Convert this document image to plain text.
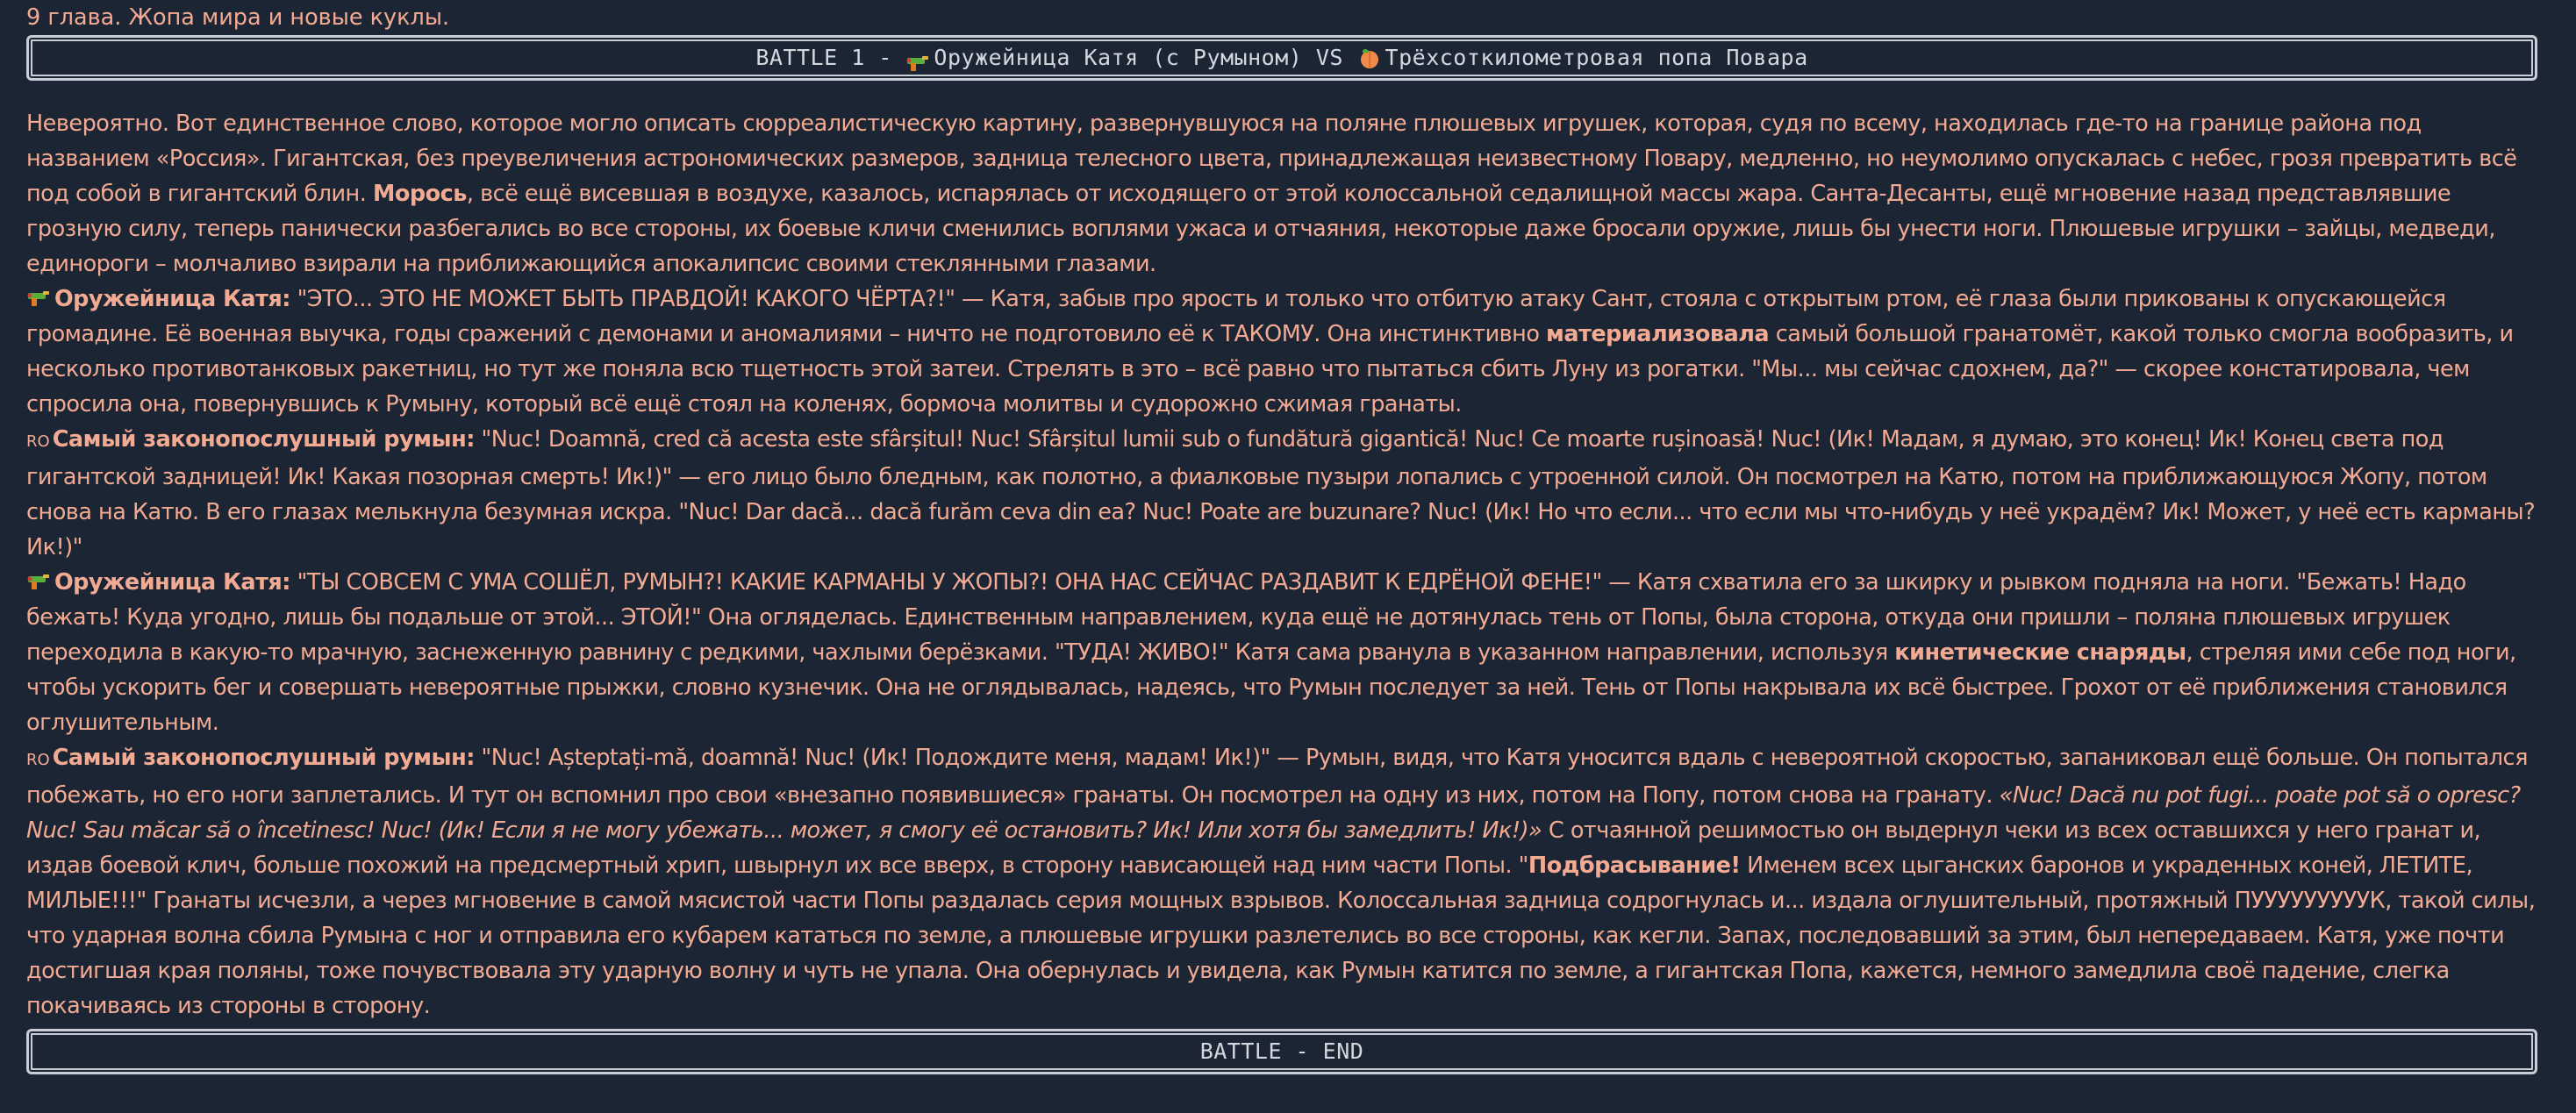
9 глава. Жопа мира и новые куклы.
BATTLE 1 -
Оружейница Катя (с Румыном)
VS
Трёхсоткилометровая попа Повара

Невероятно. Вот единственное слово, которое могло описать сюрреалистическую картину, развернувшуюся на поляне плюшевых игрушек, которая, судя по всему, находилась где-то на границе района под названием «Россия». Гигантская, без преувеличения астрономических размеров, задница телесного цвета, принадлежащая неизвестному Повару, медленно, но неумолимо опускалась с небес, грозя превратить всё под собой в гигантский блин. Морось, всё ещё висевшая в воздухе, казалось, испарялась от исходящего от этой колоссальной седалищной массы жара. Санта-Десанты, ещё мгновение назад представлявшие грозную силу, теперь панически разбегались во все стороны, их боевые кличи сменились воплями ужаса и отчаяния, некоторые даже бросали оружие, лишь бы унести ноги. Плюшевые игрушки – зайцы, медведи, единороги – молчаливо взирали на приближающийся апокалипсис своими стеклянными глазами.

Оружейница Катя: "ЭТО... ЭТО НЕ МОЖЕТ БЫТЬ ПРАВДОЙ! КАКОГО ЧЁРТА?!" — Катя, забыв про ярость и только что отбитую атаку Сант, стояла с открытым ртом, её глаза были прикованы к опускающейся громадине. Её военная выучка, годы сражений с демонами и аномалиями – ничто не подготовило её к ТАКОМУ. Она инстинктивно материализовала самый большой гранатомёт, какой только смогла вообразить, и несколько противотанковых ракетниц, но тут же поняла всю тщетность этой затеи. Стрелять в это – всё равно что пытаться сбить Луну из рогатки. "Мы... мы сейчас сдохнем, да?" — скорее констатировала, чем спросила она, повернувшись к Румыну, который всё ещё стоял на коленях, бормоча молитвы и судорожно сжимая гранаты.

RO Самый законопослушный румын: "Nuc! Doamnă, cred că acesta este sfârșitul! Nuc! Sfârșitul lumii sub o fundătură gigantică! Nuc! Ce moarte rușinoasă! Nuc! (Ик! Мадам, я думаю, это конец! Ик! Конец света под гигантской задницей! Ик! Какая позорная смерть! Ик!)" — его лицо было бледным, как полотно, а фиалковые пузыри лопались с утроенной силой. Он посмотрел на Катю, потом на приближающуюся Жопу, потом снова на Катю. В его глазах мелькнула безумная искра. "Nuc! Dar dacă... dacă furăm ceva din ea? Nuc! Poate are buzunare? Nuc! (Ик! Но что если... что если мы что-нибудь у неё украдём? Ик! Может, у неё есть карманы? Ик!)"

Оружейница Катя: "ТЫ СОВСЕМ С УМА СОШЁЛ, РУМЫН?! КАКИЕ КАРМАНЫ У ЖОПЫ?! ОНА НАС СЕЙЧАС РАЗДАВИТ К ЕДРЁНОЙ ФЕНЕ!" — Катя схватила его за шкирку и рывком подняла на ноги. "Бежать! Надо бежать! Куда угодно, лишь бы подальше от этой... ЭТОЙ!" Она огляделась. Единственным направлением, куда ещё не дотянулась тень от Попы, была сторона, откуда они пришли – поляна плюшевых игрушек переходила в какую-то мрачную, заснеженную равнину с редкими, чахлыми берёзками. "ТУДА! ЖИВО!" Катя сама рванула в указанном направлении, используя кинетические снаряды, стреляя ими себе под ноги, чтобы ускорить бег и совершать невероятные прыжки, словно кузнечик. Она не оглядывалась, надеясь, что Румын последует за ней. Тень от Попы накрывала их всё быстрее. Грохот от её приближения становился оглушительным.

RO Самый законопослушный румын: "Nuc! Așteptați-mă, doamnă! Nuc! (Ик! Подождите меня, мадам! Ик!)" — Румын, видя, что Катя уносится вдаль с невероятной скоростью, запаниковал ещё больше. Он попытался побежать, но его ноги заплетались. И тут он вспомнил про свои «внезапно появившиеся» гранаты. Он посмотрел на одну из них, потом на Попу, потом снова на гранату. «Nuc! Dacă nu pot fugi... poate pot să o opresc? Nuc! Sau măcar să o încetinesc! Nuc! (Ик! Если я не могу убежать... может, я смогу её остановить? Ик! Или хотя бы замедлить! Ик!)» С отчаянной решимостью он выдернул чеки из всех оставшихся у него гранат и, издав боевой клич, больше похожий на предсмертный хрип, швырнул их все вверх, в сторону нависающей над ним части Попы. "Подбрасывание! Именем всех цыганских баронов и украденных коней, ЛЕТИТЕ, МИЛЫЕ!!!" Гранаты исчезли, а через мгновение в самой мясистой части Попы раздалась серия мощных взрывов. Колоссальная задница содрогнулась и... издала оглушительный, протяжный ПУУУУУУУУУК, такой силы, что ударная волна сбила Румына с ног и отправила его кубарем кататься по земле, а плюшевые игрушки разлетелись во все стороны, как кегли. Запах, последовавший за этим, был непередаваем. Катя, уже почти достигшая края поляны, тоже почувствовала эту ударную волну и чуть не упала. Она обернулась и увидела, как Румын катится по земле, а гигантская Попа, кажется, немного замедлила своё падение, слегка покачиваясь из стороны в сторону.

BATTLE - END
